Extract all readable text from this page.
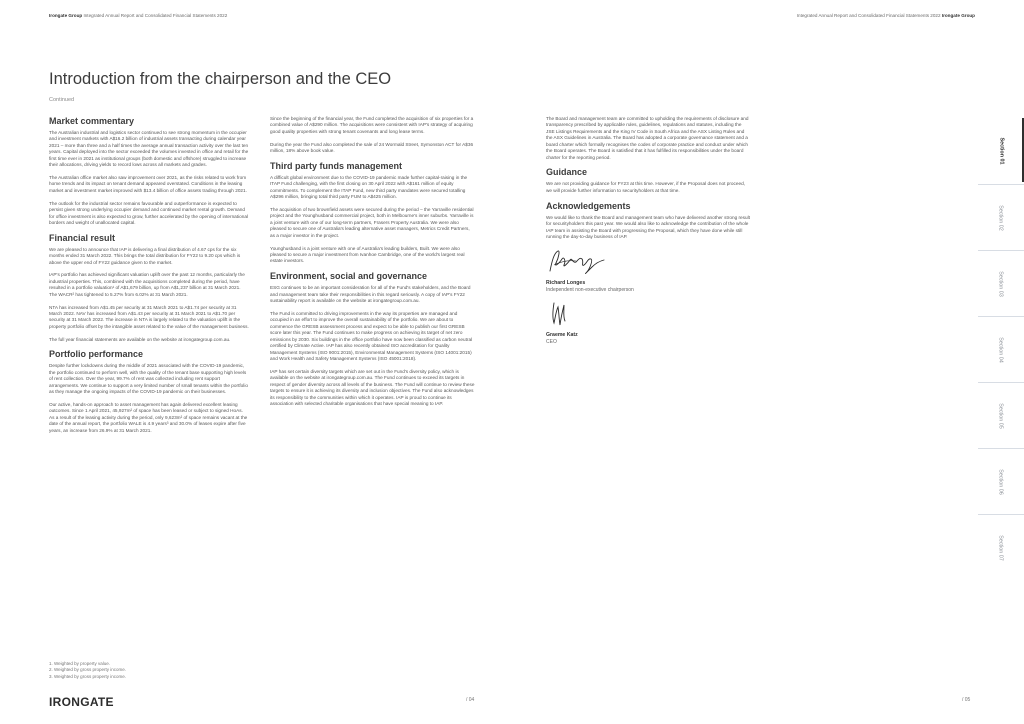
Irongate Group Integrated Annual Report and Consolidated Financial Statements 2022	Integrated Annual Report and Consolidated Financial Statements 2022 Irongate Group
Introduction from the chairperson and the CEO
Continued
Market commentary

The Australian industrial and logistics sector continued to see strong momentum in the occupier and investment markets with A$16.2 billion of industrial assets transacting during calendar year 2021 – more than three and a half times the average annual transaction activity over the last ten years. Capital deployed into the sector exceeded the volumes invested in office and retail for the first time ever in 2021 as institutional groups (both domestic and offshore) struggled to increase their allocations, driving yields to record lows across all markets and grades.

The Australian office market also saw improvement over 2021, as the risks related to work from home trends and its impact on tenant demand appeared overstated. Conditions in the leasing market and investment market improved with $13.4 billion of office assets trading through 2021.

The outlook for the industrial sector remains favourable and outperformance is expected to persist given strong underlying occupier demand and continued market rental growth. Demand for office investment is also expected to grow, further accelerated by the opening of international borders and weight of unallocated capital.

Financial result

We are pleased to announce that IAP is delivering a final distribution of 4.67 cps for the six months ended 31 March 2022. This brings the total distribution for FY22 to 9.20 cps which is above the upper end of FY22 guidance given to the market.

IAP's portfolio has achieved significant valuation uplift over the past 12 months, particularly the industrial properties. This, combined with the acquisitions completed during the period, have resulted in a portfolio valuation¹ of A$1,679 billion, up from A$1,237 billion at 31 March 2021. The WACR² has tightened to 5.27% from 6.02% at 31 March 2021.

NTA has increased from A$1.45 per security at 31 March 2021 to A$1.74 per security at 31 March 2022. NAV has increased from A$1.43 per security at 31 March 2021 to A$1.70 per security at 31 March 2022. The increase in NTA is largely related to the valuation uplift in the property portfolio offset by the intangible asset related to the value of the management business.

The full year financial statements are available on the website at irongategroup.com.au.

Portfolio performance

Despite further lockdowns during the middle of 2021 associated with the COVID-19 pandemic, the portfolio continued to perform well, with the quality of the tenant base supporting high levels of rent collection. Over the year, 99.7% of rent was collected including rent support arrangements. We continue to support a very limited number of small tenants within the portfolio as they manage the ongoing impacts of the COVID-19 pandemic on their businesses.

Our active, hands-on approach to asset management has again delivered excellent leasing outcomes. Since 1 April 2021, 45,927m² of space has been leased or subject to signed HoAs. As a result of the leasing activity during the period, only 9,623m² of space remains vacant at the date of the annual report, the portfolio WALE is 4.9 years³ and 30.0% of leases expire after five years, an increase from 26.9% at 31 March 2021.

Since the beginning of the financial year, the Fund completed the acquisition of six properties for a combined value of A$290 million. The acquisitions were consistent with IAP's strategy of acquiring good quality properties with strong tenant covenants and long lease terms.

During the year the Fund also completed the sale of 24 Wormald Street, Symonston ACT for A$36 million, 18% above book value.

Third party funds management

A difficult global environment due to the COVID-19 pandemic made further capital-raising in the ITAP Fund challenging, with the first closing on 30 April 2022 with A$161 million of equity commitments. To complement the ITAP Fund, new third party mandates were secured totalling A$296 million, bringing total third party FUM to A$425 million.

The acquisition of two brownfield assets were secured during the period – the Yarraville residential project and the Younghusband commercial project, both in Melbourne's inner suburbs. Yarraville is a joint venture with one of our long-term partners, Frasers Property Australia. We were also pleased to secure one of Australia's leading alternative asset managers, Metrics Credit Partners, as a major investor in the project.

Younghusband is a joint venture with one of Australia's leading builders, Built. We were also pleased to secure a major investment from Ivanhoe Cambridge, one of the world's largest real estate investors.

Environment, social and governance

ESG continues to be an important consideration for all of the Fund's stakeholders, and the Board and management team take their responsibilities in this regard seriously. A copy of IAP's FY22 sustainability report is available on the website at irongategroup.com.au.

The Fund is committed to driving improvements in the way its properties are managed and occupied in an effort to improve the overall sustainability of the portfolio. We are about to commence the GRESB assessment process and expect to be able to publish our first GRESB score later this year. The Fund continues to make progress on achieving its target of net zero emissions by 2030. Six buildings in the office portfolio have now been classified as carbon neutral certified by Climate Active. IAP has also recently obtained ISO accreditation for Quality Management Systems (ISO 9001:2015), Environmental Management Systems (ISO 14001:2015) and Work Health and Safety Management Systems (ISO 45001:2018).

IAP has set certain diversity targets which are set out in the Fund's diversity policy, which is available on the website at irongategroup.com.au. The Fund continues to exceed its targets in respect of gender diversity across all levels of the business. The Fund will continue to review these targets to ensure it is achieving its diversity and inclusion objectives. The Fund also acknowledges its responsibility to the communities within which it operates. IAP is proud to continue its association with selected charitable organisations that have special meaning to IAP.

The Board and management team are committed to upholding the requirements of disclosure and transparency prescribed by applicable rules, guidelines, regulations and statutes, including the JSE Listings Requirements and the King IV Code in South Africa and the ASX Listing Rules and the ASX Guidelines in Australia. The Board has adopted a corporate governance statement and a board charter which formally recognises the codes of corporate practice and conduct under which the Board operates. The Board is satisfied that it has fulfilled its responsibilities under the board charter for the reporting period.

Guidance

We are not providing guidance for FY23 at this time. However, if the Proposal does not proceed, we will provide further information to securityholders at that time.

Acknowledgements

We would like to thank the Board and management team who have delivered another strong result for securityholders this past year. We would also like to acknowledge the contribution of the whole IAP team in assisting the Board with progressing the Proposal, which they have done while still running the day-to-day business of IAP.

Richard Longes
Independent non-executive chairperson
Graeme Katz
CEO
Section 01
Section 02
Section 03
Section 04
Section 05
Section 06
Section 07

1. Weighted by property value.

2. Weighted by gross property income.

3. Weighted by gross property income.

IRONGATE	/ 04	/ 05
